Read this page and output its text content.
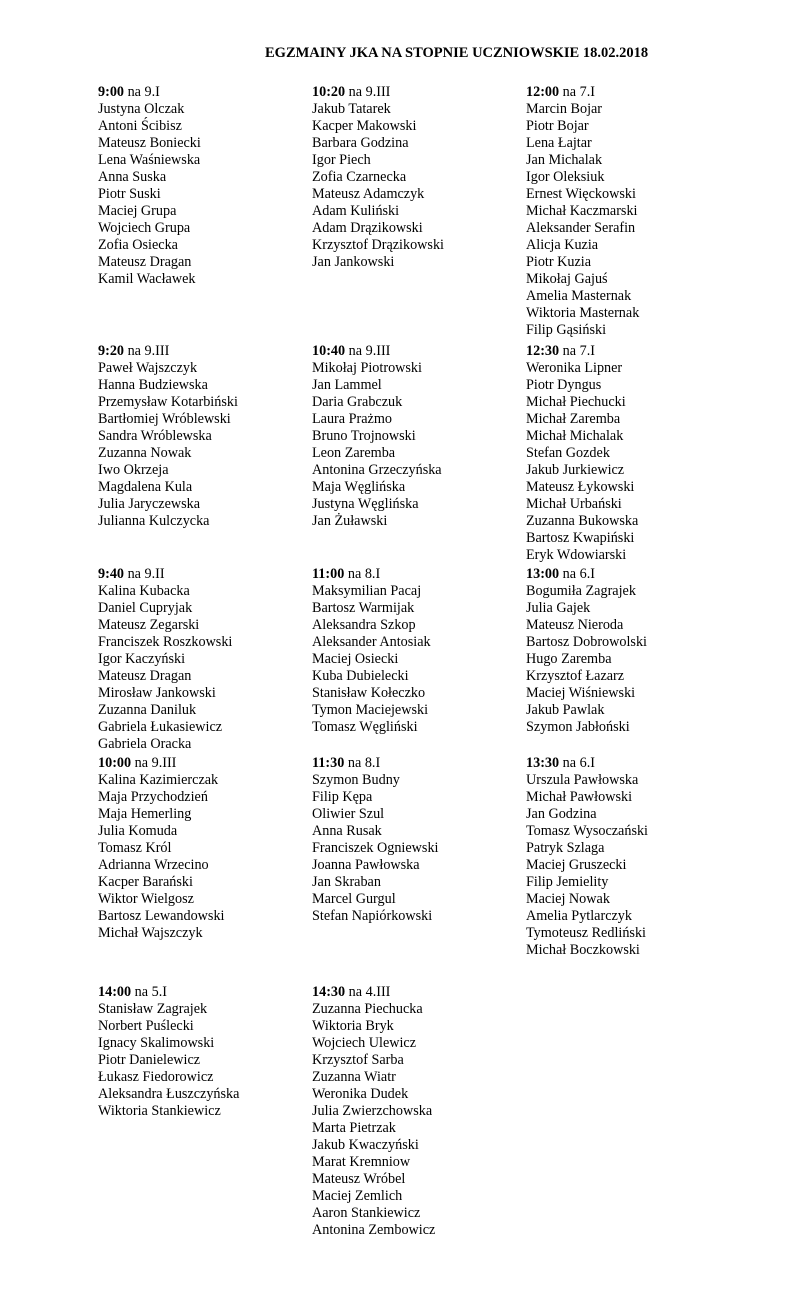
EGZMAINY JKA NA STOPNIE UCZNIOWSKIE 18.02.2018
9:00 na 9.I
Justyna Olczak
Antoni Ścibisz
Mateusz Boniecki
Lena Waśniewska
Anna Suska
Piotr Suski
Maciej Grupa
Wojciech Grupa
Zofia Osiecka
Mateusz Dragan
Kamil Wacławek
10:20 na 9.III
Jakub Tatarek
Kacper Makowski
Barbara Godzina
Igor Piech
Zofia Czarnecka
Mateusz Adamczyk
Adam Kuliński
Adam Drązikowski
Krzysztof Drązikowski
Jan Jankowski
12:00 na 7.I
Marcin Bojar
Piotr Bojar
Lena Łajtar
Jan Michalak
Igor Oleksiuk
Ernest Więckowski
Michał Kaczmarski
Aleksander Serafin
Alicja Kuzia
Piotr Kuzia
Mikołaj Gajuś
Amelia Masternak
Wiktoria Masternak
Filip Gąsiński
9:20 na 9.III
Paweł Wajszczyk
Hanna Budziewska
Przemysław Kotarbiński
Bartłomiej Wróblewski
Sandra Wróblewska
Zuzanna Nowak
Iwo Okrzeja
Magdalena Kula
Julia Jaryczewska
Julianna Kulczycka
10:40 na 9.III
Mikołaj Piotrowski
Jan Lammel
Daria Grabczuk
Laura Prażmo
Bruno Trojnowski
Leon Zaremba
Antonina Grzeczyńska
Maja Węglińska
Justyna Węglińska
Jan Żuławski
12:30 na 7.I
Weronika Lipner
Piotr Dyngus
Michał Piechucki
Michał Zaremba
Michał Michalak
Stefan Gozdek
Jakub Jurkiewicz
Mateusz Łykowski
Michał Urbański
Zuzanna Bukowska
Bartosz Kwapiński
Eryk Wdowiarski
9:40 na 9.II
Kalina Kubacka
Daniel Cupryjak
Mateusz Zegarski
Franciszek Roszkowski
Igor Kaczyński
Mateusz Dragan
Mirosław Jankowski
Zuzanna Daniluk
Gabriela Łukasiewicz
Gabriela Oracka
11:00 na 8.I
Maksymilian Pacaj
Bartosz Warmijak
Aleksandra Szkop
Aleksander Antosiak
Maciej Osiecki
Kuba Dubielecki
Stanisław Kołeczko
Tymon Maciejewski
Tomasz Węgliński
13:00 na 6.I
Bogumiła Zagrajek
Julia Gajek
Mateusz Nieroda
Bartosz Dobrowolski
Hugo Zaremba
Krzysztof Łazarz
Maciej Wiśniewski
Jakub Pawlak
Szymon Jabłoński
10:00 na 9.III
Kalina Kazimierczak
Maja Przychodzień
Maja Hemerling
Julia Komuda
Tomasz Król
Adrianna Wrzecino
Kacper Barański
Wiktor Wielgosz
Bartosz Lewandowski
Michał Wajszczyk
11:30 na 8.I
Szymon Budny
Filip Kępa
Oliwier Szul
Anna Rusak
Franciszek Ogniewski
Joanna Pawłowska
Jan Skraban
Marcel Gurgul
Stefan Napiórkowski
13:30 na 6.I
Urszula Pawłowska
Michał Pawłowski
Jan Godzina
Tomasz Wysoczański
Patryk Szlaga
Maciej Gruszecki
Filip Jemielity
Maciej Nowak
Amelia Pytlarczyk
Tymoteusz Redliński
Michał Boczkowski
14:00 na 5.I
Stanisław Zagrajek
Norbert Puślecki
Ignacy Skalimowski
Piotr Danielewicz
Łukasz Fiedorowicz
Aleksandra Łuszczyńska
Wiktoria Stankiewicz
14:30 na 4.III
Zuzanna Piechucka
Wiktoria Bryk
Wojciech Ulewicz
Krzysztof Sarba
Zuzanna Wiatr
Weronika Dudek
Julia Zwierzchowska
Marta Pietrzak
Jakub Kwaczyński
Marat Kremniow
Mateusz Wróbel
Maciej Zemlich
Aaron Stankiewicz
Antonina Zembowicz
